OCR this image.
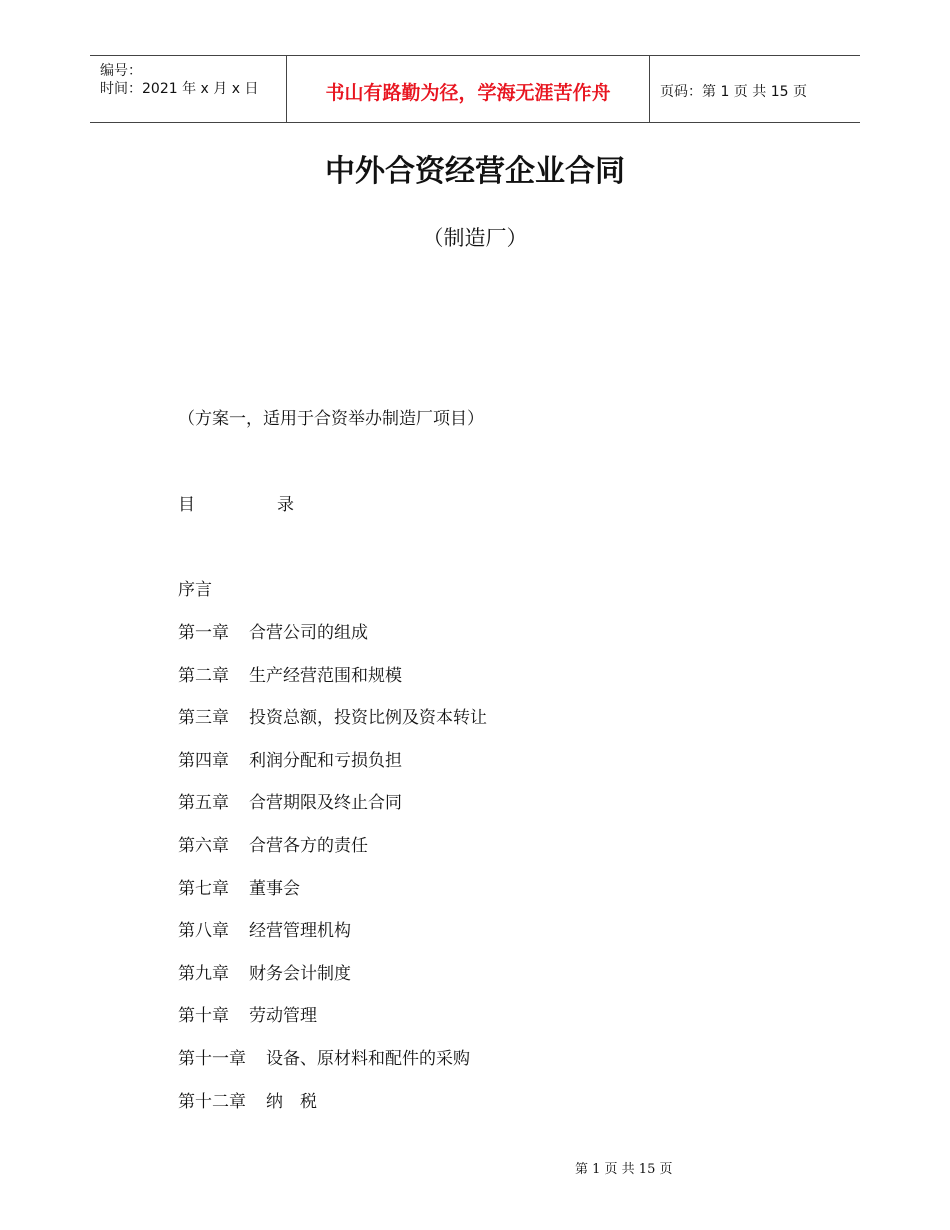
编号：
时间：2021 年 x 月 x 日	书山有路勤为径，学海无涯苦作舟	页码：第 1 页 共 15 页
中外合资经营企业合同
（制造厂）
（方案一，适用于合资举办制造厂项目）
目	录
序言
第一章 合营公司的组成
第二章 生产经营范围和规模
第三章 投资总额，投资比例及资本转让
第四章 利润分配和亏损负担
第五章 合营期限及终止合同
第六章 合营各方的责任
第七章 董事会
第八章 经营管理机构
第九章 财务会计制度
第十章 劳动管理
第十一章 设备、原材料和配件的采购
第十二章 纳　税
第 1 页 共 15 页
